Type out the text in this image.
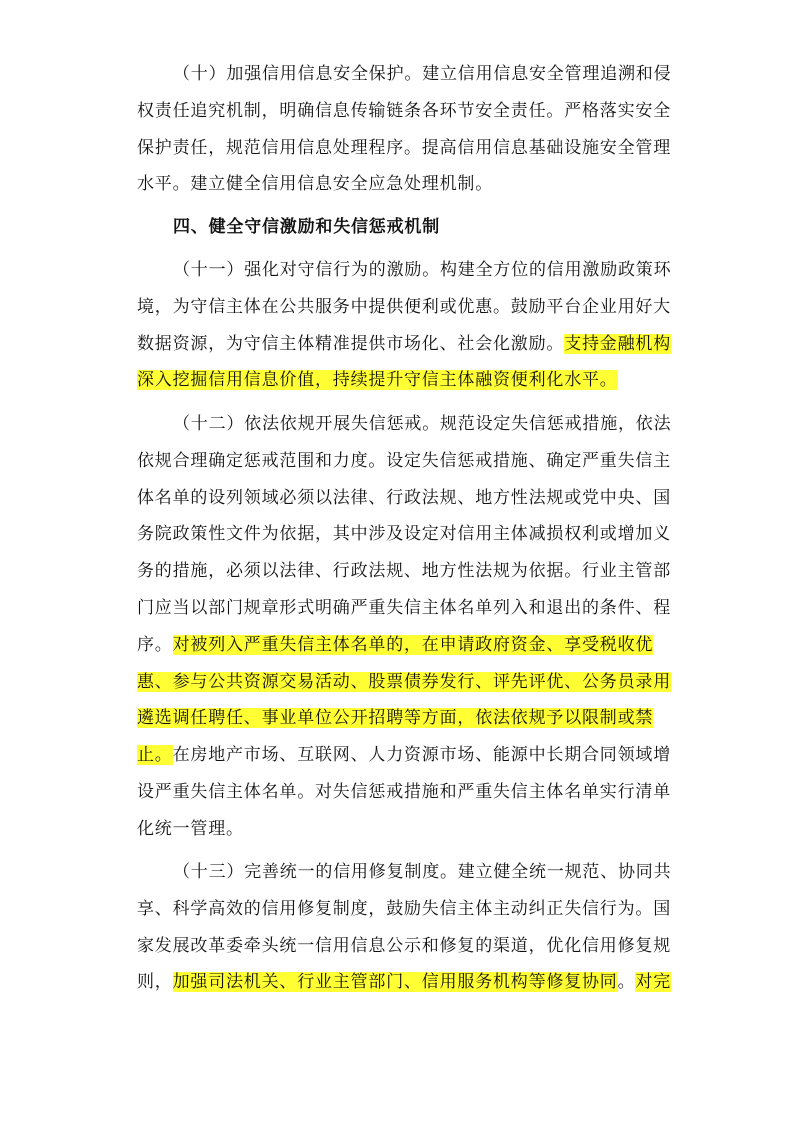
（十）加强信用信息安全保护。建立信用信息安全管理追溯和侵
权责任追究机制，明确信息传输链条各环节安全责任。严格落实安全
保护责任，规范信用信息处理程序。提高信用信息基础设施安全管理
水平。建立健全信用信息安全应急处理机制。
四、健全守信激励和失信惩戒机制
（十一）强化对守信行为的激励。构建全方位的信用激励政策环
境，为守信主体在公共服务中提供便利或优惠。鼓励平台企业用好大
数据资源，为守信主体精准提供市场化、社会化激励。支持金融机构
深入挖掘信用信息价值，持续提升守信主体融资便利化水平。
（十二）依法依规开展失信惩戒。规范设定失信惩戒措施，依法
依规合理确定惩戒范围和力度。设定失信惩戒措施、确定严重失信主
体名单的设列领域必须以法律、行政法规、地方性法规或党中央、国
务院政策性文件为依据，其中涉及设定对信用主体减损权利或增加义
务的措施，必须以法律、行政法规、地方性法规为依据。行业主管部
门应当以部门规章形式明确严重失信主体名单列入和退出的条件、程
序。对被列入严重失信主体名单的，在申请政府资金、享受税收优
惠、参与公共资源交易活动、股票债券发行、评先评优、公务员录用
遴选调任聘任、事业单位公开招聘等方面，依法依规予以限制或禁
止。在房地产市场、互联网、人力资源市场、能源中长期合同领域增
设严重失信主体名单。对失信惩戒措施和严重失信主体名单实行清单
化统一管理。
（十三）完善统一的信用修复制度。建立健全统一规范、协同共
享、科学高效的信用修复制度，鼓励失信主体主动纠正失信行为。国
家发展改革委牵头统一信用信息公示和修复的渠道，优化信用修复规
则，加强司法机关、行业主管部门、信用服务机构等修复协同。对完
